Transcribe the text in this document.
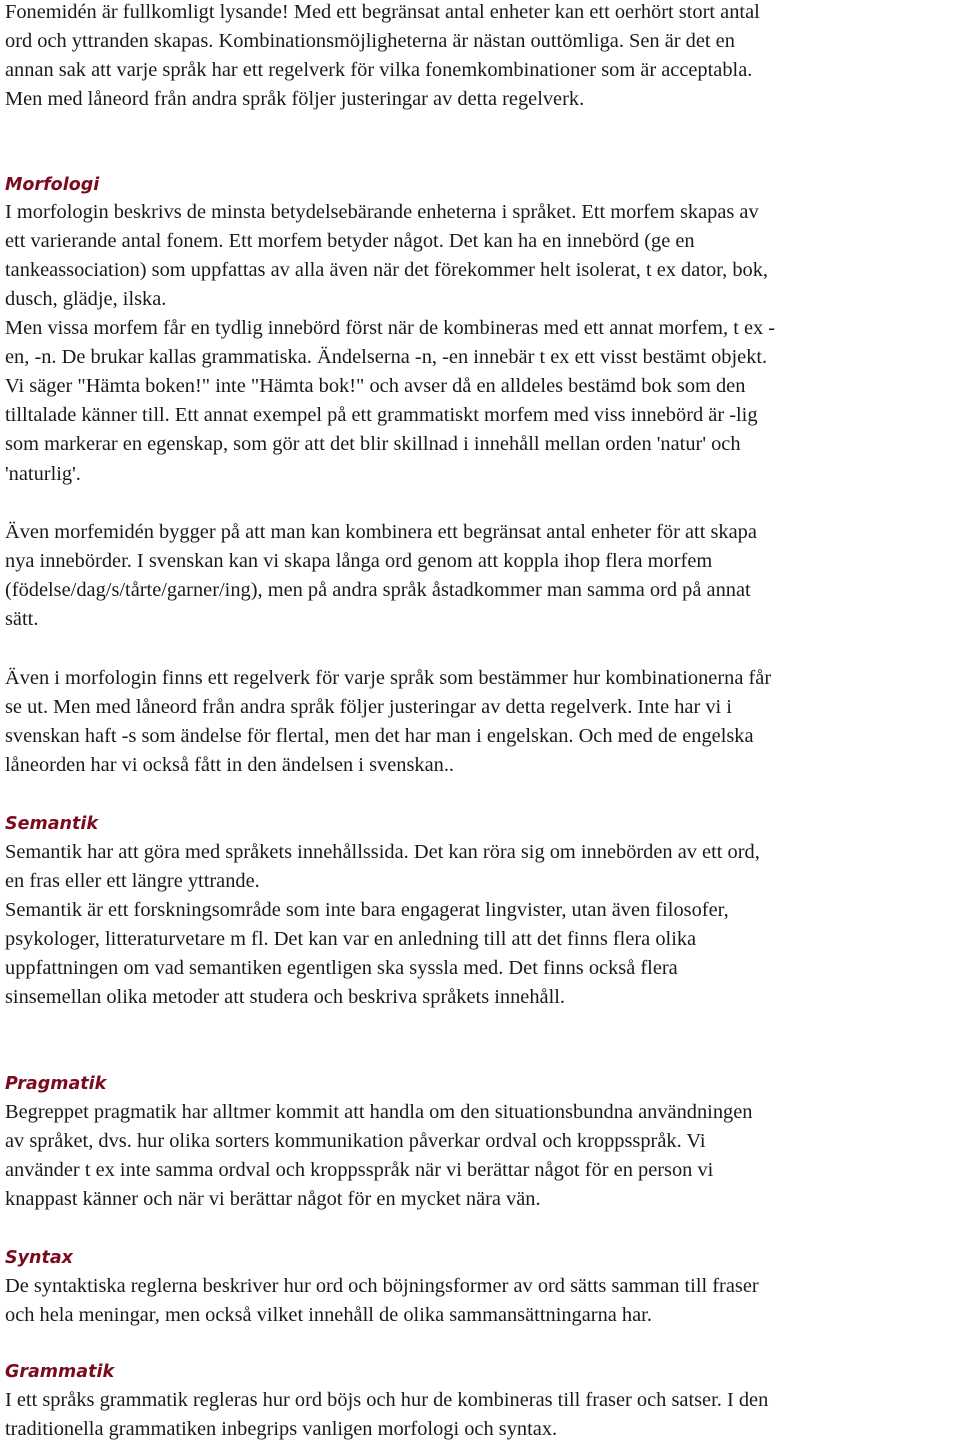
Fonemidén är fullkomligt lysande! Med ett begränsat antal enheter kan ett oerhört stort antal

ord och yttranden skapas. Kombinationsmöjligheterna är nästan outtömliga. Sen är det en

annan sak att varje språk har ett regelverk för vilka fonemkombinationer som är acceptabla.

Men med låneord från andra språk följer justeringar av detta regelverk.

Morfologi

I morfologin beskrivs de minsta betydelsebärande enheterna i språket. Ett morfem skapas av

ett varierande antal fonem. Ett morfem betyder något. Det kan ha en innebörd (ge en

tankeassociation) som uppfattas av alla även när det förekommer helt isolerat, t ex dator, bok,

dusch, glädje, ilska.

Men vissa morfem får en tydlig innebörd först när de kombineras med ett annat morfem, t ex -

en, -n. De brukar kallas grammatiska. Ändelserna -n, -en innebär t ex ett visst bestämt objekt.

Vi säger "Hämta boken!" inte "Hämta bok!" och avser då en alldeles bestämd bok som den

tilltalade känner till. Ett annat exempel på ett grammatiskt morfem med viss innebörd är -lig

som markerar en egenskap, som gör att det blir skillnad i innehåll mellan orden 'natur' och

'naturlig'.

Även morfemidén bygger på att man kan kombinera ett begränsat antal enheter för att skapa

nya innebörder. I svenskan kan vi skapa långa ord genom att koppla ihop flera morfem

(födelse/dag/s/tårte/garner/ing), men på andra språk åstadkommer man samma ord på annat

sätt.

Även i morfologin finns ett regelverk för varje språk som bestämmer hur kombinationerna får

se ut. Men med låneord från andra språk följer justeringar av detta regelverk. Inte har vi i

svenskan haft -s som ändelse för flertal, men det har man i engelskan. Och med de engelska

låneorden har vi också fått in den ändelsen i svenskan..

Semantik

Semantik har att göra med språkets innehållssida. Det kan röra sig om innebörden av ett ord,

en fras eller ett längre yttrande.

Semantik är ett forskningsområde som inte bara engagerat lingvister, utan även filosofer,

psykologer, litteraturvetare m fl. Det kan var en anledning till att det finns flera olika

uppfattningen om vad semantiken egentligen ska syssla med. Det finns också flera

sinsemellan olika metoder att studera och beskriva språkets innehåll.

Pragmatik

Begreppet pragmatik har alltmer kommit att handla om den situationsbundna användningen

av språket, dvs. hur olika sorters kommunikation påverkar ordval och kroppsspråk. Vi

använder t ex inte samma ordval och kroppsspråk när vi berättar något för en person vi

knappast känner och när vi berättar något för en mycket nära vän.

Syntax

De syntaktiska reglerna beskriver hur ord och böjningsformer av ord sätts samman till fraser

och hela meningar, men också vilket innehåll de olika sammansättningarna har.

Grammatik

I ett språks grammatik regleras hur ord böjs och hur de kombineras till fraser och satser. I den

traditionella grammatiken inbegrips vanligen morfologi och syntax.
